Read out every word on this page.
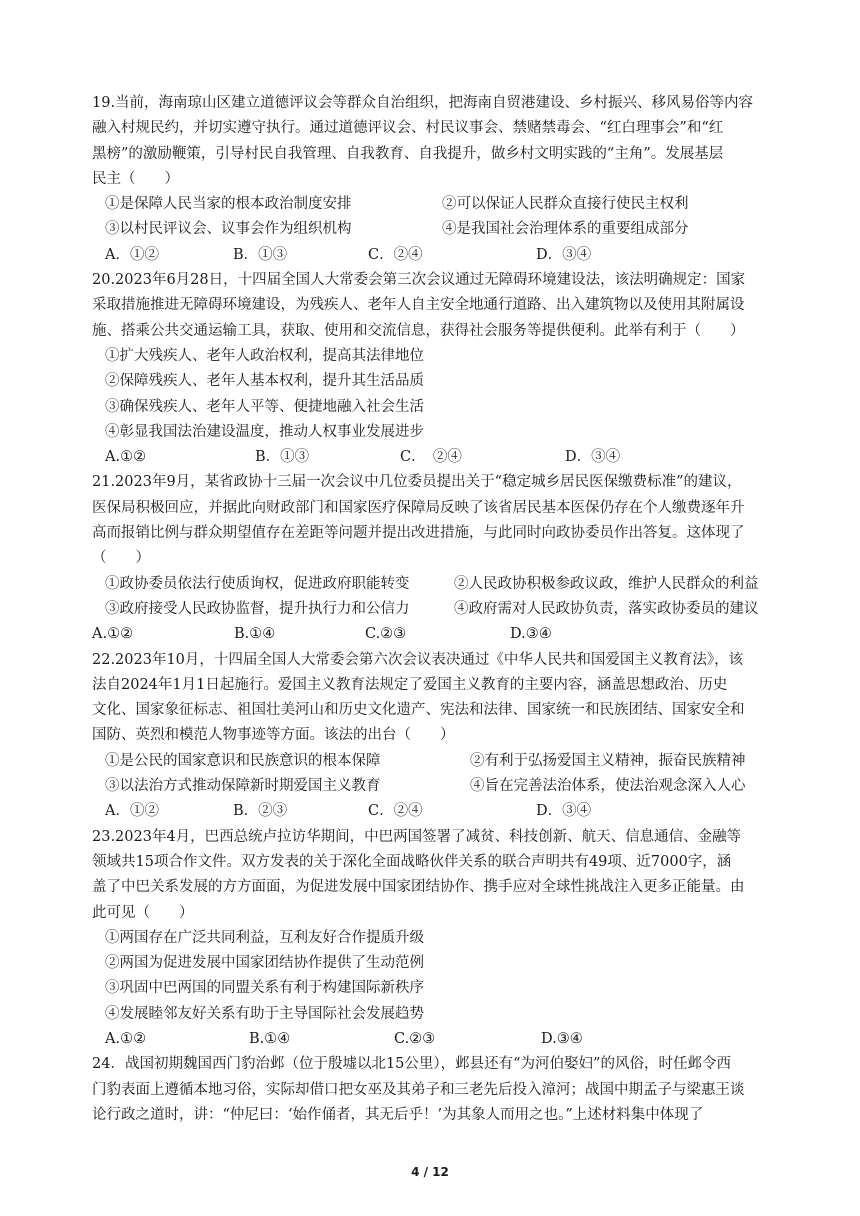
19.当前，海南琼山区建立道德评议会等群众自治组织，把海南自贸港建设、乡村振兴、移风易俗等内容
融入村规民约，并切实遵守执行。通过道德评议会、村民议事会、禁赌禁毒会、“红白理事会”和“红
黑榜”的激励鞭策，引导村民自我管理、自我教育、自我提升，做乡村文明实践的“主角”。发展基层
民主（　　）
①是保障人民当家的根本政治制度安排	②可以保证人民群众直接行使民主权利
③以村民评议会、议事会作为组织机构	④是我国社会治理体系的重要组成部分
A．①②	B．①③	C．②④	D．③④
20.2023年6月28日，十四届全国人大常委会第三次会议通过无障碍环境建设法，该法明确规定：国家
采取措施推进无障碍环境建设，为残疾人、老年人自主安全地通行道路、出入建筑物以及使用其附属设
施、搭乘公共交通运输工具，获取、使用和交流信息，获得社会服务等提供便利。此举有利于（　　）
①扩大残疾人、老年人政治权利，提高其法律地位
②保障残疾人、老年人基本权利，提升其生活品质
③确保残疾人、老年人平等、便捷地融入社会生活
④彰显我国法治建设温度，推动人权事业发展进步
A.①②	B．①③	C．　②④	D．③④
21.2023年9月，某省政协十三届一次会议中几位委员提出关于“稳定城乡居民医保缴费标准”的建议，
医保局积极回应，并据此向财政部门和国家医疗保障局反映了该省居民基本医保仍存在个人缴费逐年升
高而报销比例与群众期望值存在差距等问题并提出改进措施，与此同时向政协委员作出答复。这体现了
（　　）
①政协委员依法行使质询权，促进政府职能转变	②人民政协积极参政议政，维护人民群众的利益
③政府接受人民政协监督，提升执行力和公信力	④政府需对人民政协负责，落实政协委员的建议
A.①②	B.①④	C.②③	D.③④
22.2023年10月，十四届全国人大常委会第六次会议表决通过《中华人民共和国爱国主义教育法》，该
法自2024年1月1日起施行。爱国主义教育法规定了爱国主义教育的主要内容，涵盖思想政治、历史
文化、国家象征标志、祖国壮美河山和历史文化遗产、宪法和法律、国家统一和民族团结、国家安全和
国防、英烈和模范人物事迹等方面。该法的出台（　　）
①是公民的国家意识和民族意识的根本保障	②有利于弘扬爱国主义精神，振奋民族精神
③以法治方式推动保障新时期爱国主义教育	④旨在完善法治体系，使法治观念深入人心
A．①②	B．②③	C．②④	D．③④
23.2023年4月，巴西总统卢拉访华期间，中巴两国签署了减贫、科技创新、航天、信息通信、金融等
领域共15项合作文件。双方发表的关于深化全面战略伙伴关系的联合声明共有49项、近7000字，涵
盖了中巴关系发展的方方面面，为促进发展中国家团结协作、携手应对全球性挑战注入更多正能量。由
此可见（　　）
①两国存在广泛共同利益，互利友好合作提质升级
②两国为促进发展中国家团结协作提供了生动范例
③巩固中巴两国的同盟关系有利于构建国际新秩序
④发展睦邻友好关系有助于主导国际社会发展趋势
A.①②	B.①④	C.②③	D.③④
24．战国初期魏国西门豹治邺（位于殷墟以北15公里），邺县还有“为河伯娶妇”的风俗，时任邺令西
门豹表面上遵循本地习俗，实际却借口把女巫及其弟子和三老先后投入漳河；战国中期孟子与梁惠王谈
论行政之道时，讲：“仲尼曰：‘始作俑者，其无后乎！’为其象人而用之也。”上述材料集中体现了
4 / 12
